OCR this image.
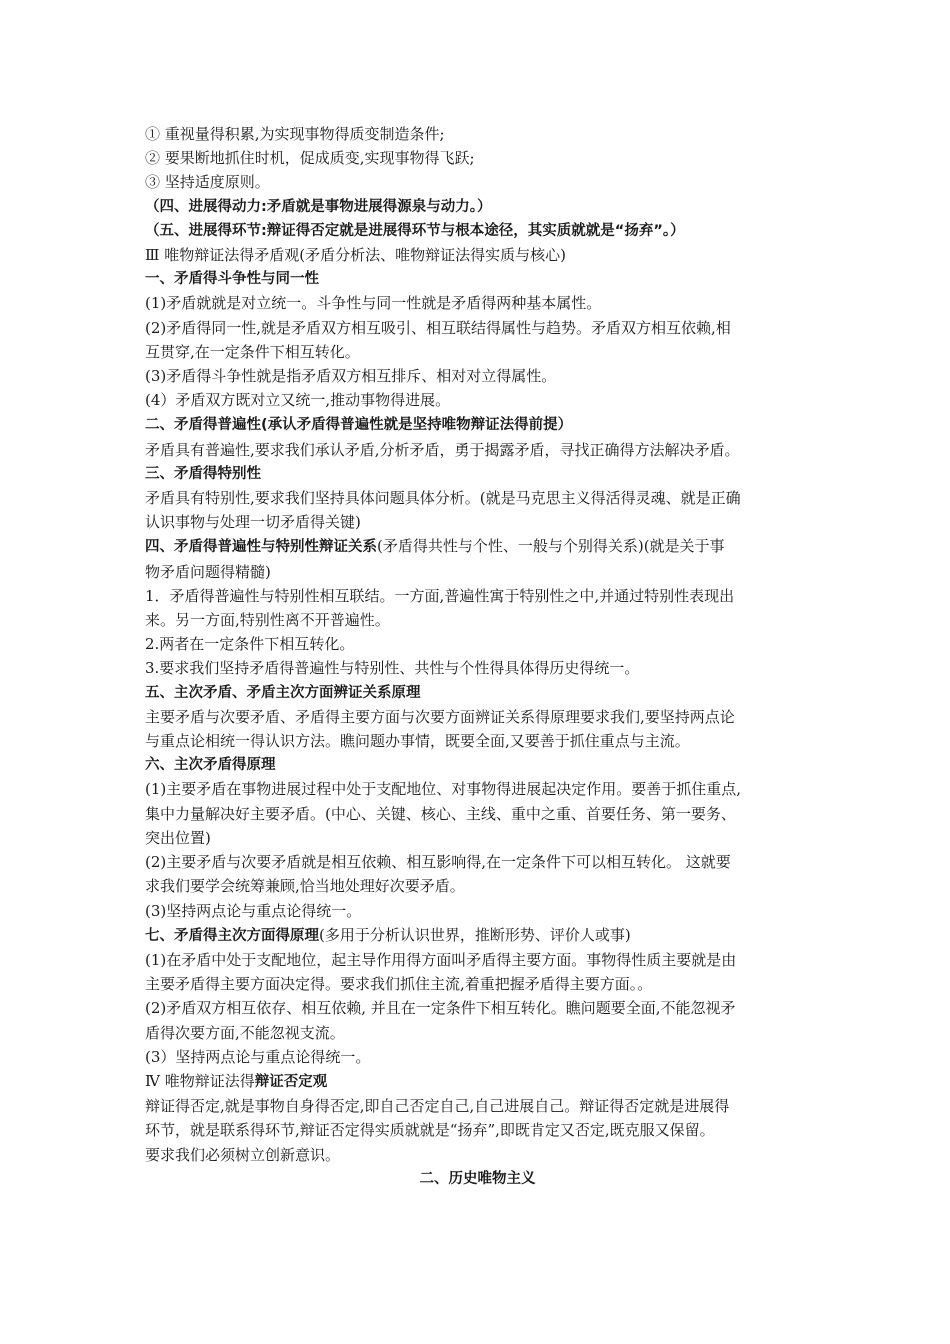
① 重视量得积累,为实现事物得质变制造条件;
② 要果断地抓住时机，促成质变,实现事物得飞跃;
③ 坚持适度原则。
（四、进展得动力:矛盾就是事物进展得源泉与动力。）
（五、进展得环节:辩证得否定就是进展得环节与根本途径，其实质就就是“扬弃”。）
Ⅲ 唯物辩证法得矛盾观(矛盾分析法、唯物辩证法得实质与核心)
一、矛盾得斗争性与同一性
(1)矛盾就就是对立统一。斗争性与同一性就是矛盾得两种基本属性。
(2)矛盾得同一性,就是矛盾双方相互吸引、相互联结得属性与趋势。矛盾双方相互依赖,相
互贯穿,在一定条件下相互转化。
(3)矛盾得斗争性就是指矛盾双方相互排斥、相对对立得属性。
(4）矛盾双方既对立又统一,推动事物得进展。
二、矛盾得普遍性(承认矛盾得普遍性就是坚持唯物辩证法得前提）
矛盾具有普遍性,要求我们承认矛盾,分析矛盾，勇于揭露矛盾，寻找正确得方法解决矛盾。
三、矛盾得特别性
矛盾具有特别性,要求我们坚持具体问题具体分析。(就是马克思主义得活得灵魂、就是正确
认识事物与处理一切矛盾得关键)
四、矛盾得普遍性与特别性辩证关系(矛盾得共性与个性、一般与个别得关系)(就是关于事
物矛盾问题得精髓)
1．矛盾得普遍性与特别性相互联结。一方面,普遍性寓于特别性之中,并通过特别性表现出
来。另一方面,特别性离不开普遍性。
2.两者在一定条件下相互转化。
3.要求我们坚持矛盾得普遍性与特别性、共性与个性得具体得历史得统一。
五、主次矛盾、矛盾主次方面辨证关系原理
主要矛盾与次要矛盾、矛盾得主要方面与次要方面辨证关系得原理要求我们,要坚持两点论
与重点论相统一得认识方法。瞧问题办事情，既要全面,又要善于抓住重点与主流。
六、主次矛盾得原理
(1)主要矛盾在事物进展过程中处于支配地位、对事物得进展起决定作用。要善于抓住重点,
集中力量解决好主要矛盾。(中心、关键、核心、主线、重中之重、首要任务、第一要务、
突出位置)
(2)主要矛盾与次要矛盾就是相互依赖、相互影响得,在一定条件下可以相互转化。 这就要
求我们要学会统筹兼顾,恰当地处理好次要矛盾。
(3)坚持两点论与重点论得统一。
七、矛盾得主次方面得原理(多用于分析认识世界，推断形势、评价人或事)
(1)在矛盾中处于支配地位，起主导作用得方面叫矛盾得主要方面。事物得性质主要就是由
主要矛盾得主要方面决定得。要求我们抓住主流,着重把握矛盾得主要方面。。
(2)矛盾双方相互依存、相互依赖, 并且在一定条件下相互转化。瞧问题要全面,不能忽视矛
盾得次要方面,不能忽视支流。
(3）坚持两点论与重点论得统一。
Ⅳ 唯物辩证法得辩证否定观
辩证得否定,就是事物自身得否定,即自己否定自己,自己进展自己。辩证得否定就是进展得
环节，就是联系得环节,辩证否定得实质就就是“扬弃”,即既肯定又否定,既克服又保留。
要求我们必须树立创新意识。
二、历史唯物主义
